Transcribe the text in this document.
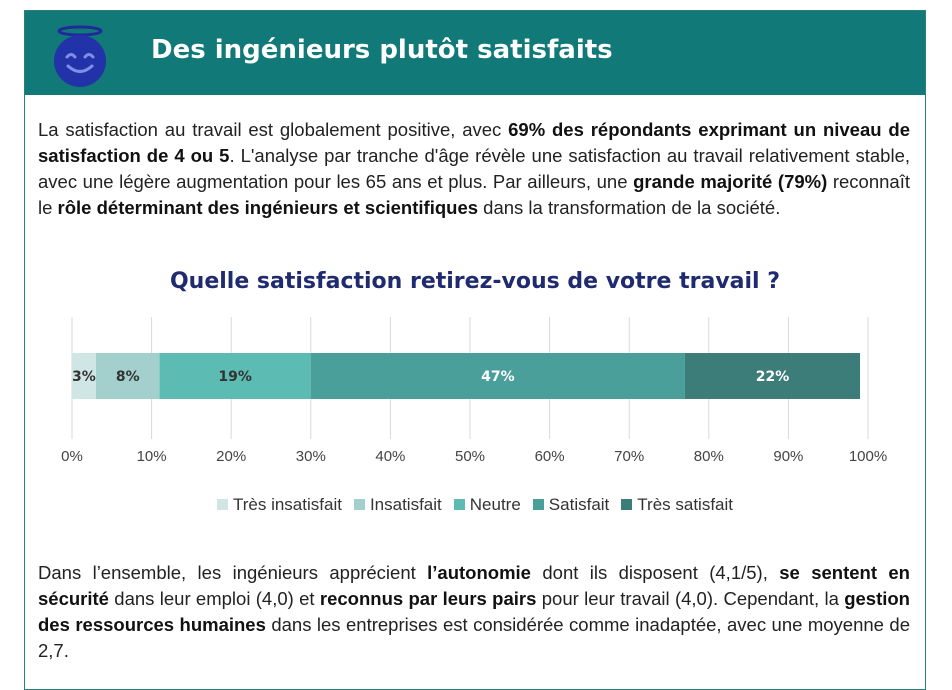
Des ingénieurs plutôt satisfaits

La satisfaction au travail est globalement positive, avec 69% des répondants exprimant un niveau de satisfaction de 4 ou 5. L'analyse par tranche d'âge révèle une satisfaction au travail relativement stable, avec une légère augmentation pour les 65 ans et plus. Par ailleurs, une grande majorité (79%) reconnaît le rôle déterminant des ingénieurs et scientifiques dans la transformation de la société.

Quelle satisfaction retirez-vous de votre travail ?
0%	10%	20%	30%	40%	50%	60%	70%	80%	90%	100%
3% 8%	19%	47%	22%
Très insatisfait Insatisfait Neutre Satisfait Très satisfait

Dans l’ensemble, les ingénieurs apprécient l’autonomie dont ils disposent (4,1/5), se sentent en sécurité dans leur emploi (4,0) et reconnus par leurs pairs pour leur travail (4,0). Cependant, la gestion des ressources humaines dans les entreprises est considérée comme inadaptée, avec une moyenne de 2,7.
